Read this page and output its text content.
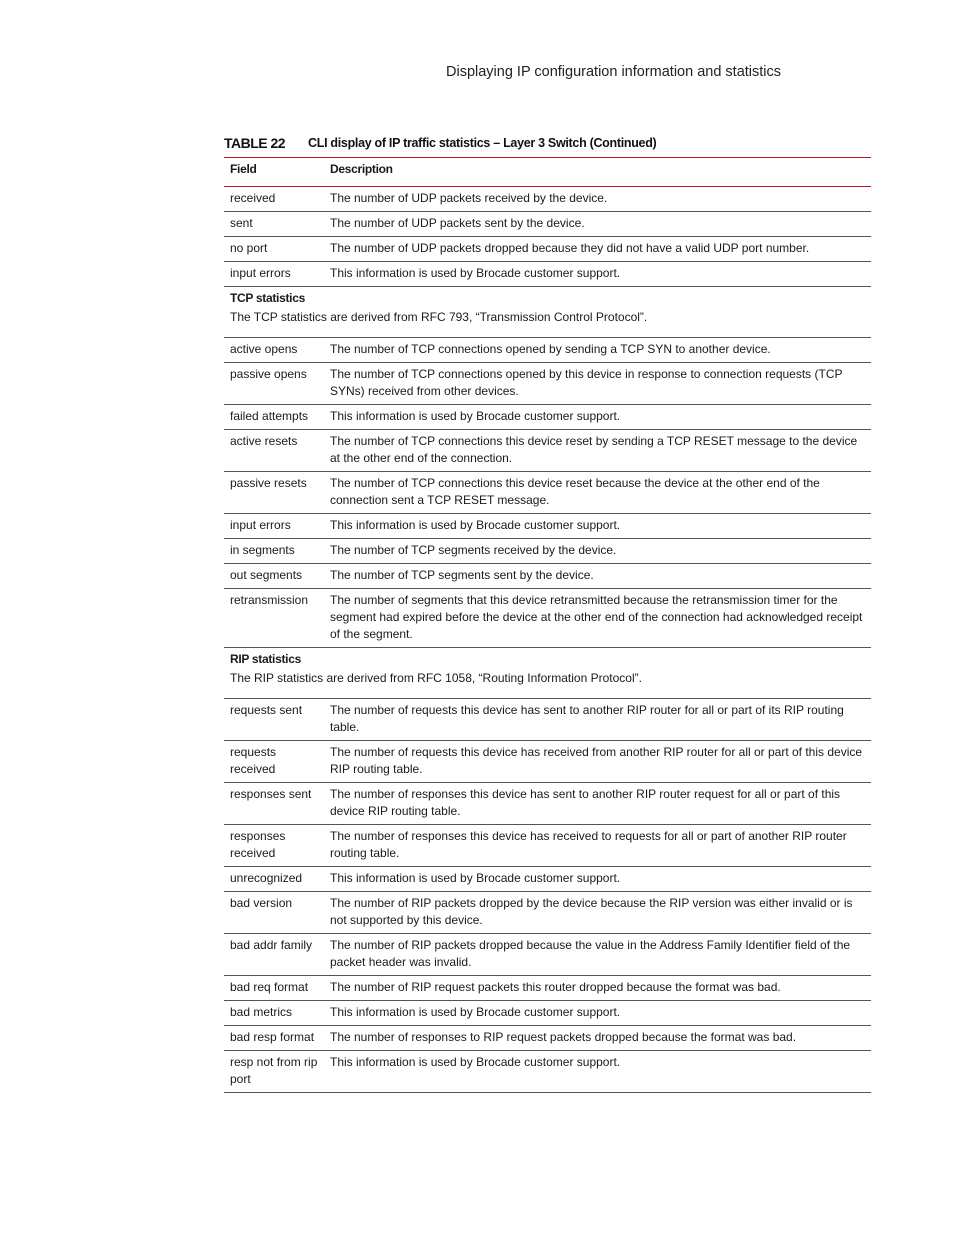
Displaying IP configuration information and statistics
TABLE 22 CLI display of IP traffic statistics – Layer 3 Switch (Continued)
Field	Description
received	The number of UDP packets received by the device.
sent	The number of UDP packets sent by the device.
no port	The number of UDP packets dropped because they did not have a valid UDP port number.
input errors	This information is used by Brocade customer support.

TCP statistics
The TCP statistics are derived from RFC 793, “Transmission Control Protocol”.	
active opens	The number of TCP connections opened by sending a TCP SYN to another device.
passive opens	The number of TCP connections opened by this device in response to connection requests (TCP SYNs) received from other devices.
failed attempts	This information is used by Brocade customer support.
active resets	The number of TCP connections this device reset by sending a TCP RESET message to the device at the other end of the connection.
passive resets	The number of TCP connections this device reset because the device at the other end of the connection sent a TCP RESET message.
input errors	This information is used by Brocade customer support.
in segments	The number of TCP segments received by the device.
out segments	The number of TCP segments sent by the device.
retransmission	The number of segments that this device retransmitted because the retransmission timer for the segment had expired before the device at the other end of the connection had acknowledged receipt of the segment.

RIP statistics
The RIP statistics are derived from RFC 1058, “Routing Information Protocol”.	
requests sent	The number of requests this device has sent to another RIP router for all or part of its RIP routing table.
requests received	The number of requests this device has received from another RIP router for all or part of this device RIP routing table.
responses sent	The number of responses this device has sent to another RIP router request for all or part of this device RIP routing table.
responses received	The number of responses this device has received to requests for all or part of another RIP router routing table.
unrecognized	This information is used by Brocade customer support.
bad version	The number of RIP packets dropped by the device because the RIP version was either invalid or is not supported by this device.
bad addr family	The number of RIP packets dropped because the value in the Address Family Identifier field of the packet header was invalid.
bad req format	The number of RIP request packets this router dropped because the format was bad.
bad metrics	This information is used by Brocade customer support.
bad resp format	The number of responses to RIP request packets dropped because the format was bad.
resp not from rip port	This information is used by Brocade customer support.
